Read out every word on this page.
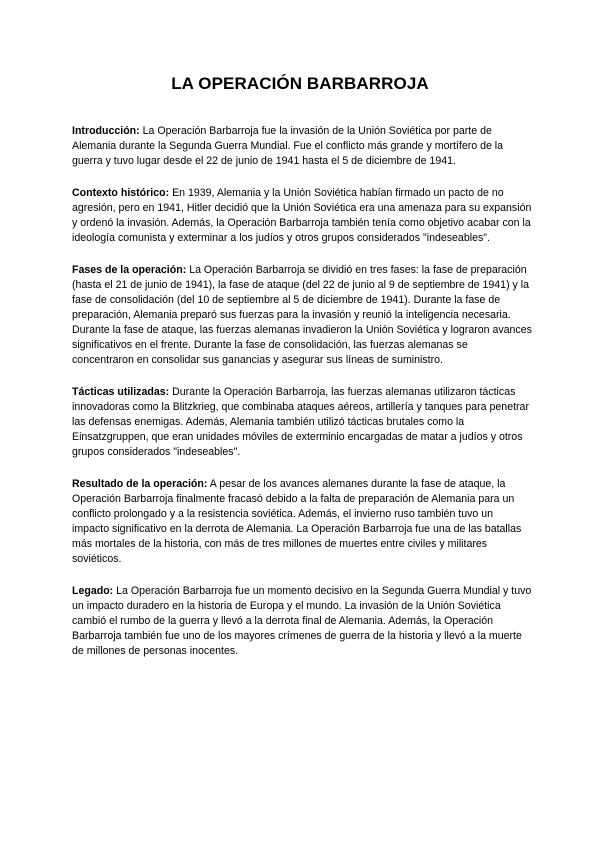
LA OPERACIÓN BARBARROJA

Introducción: La Operación Barbarroja fue la invasión de la Unión Soviética por parte de Alemania durante la Segunda Guerra Mundial. Fue el conflicto más grande y mortífero de la guerra y tuvo lugar desde el 22 de junio de 1941 hasta el 5 de diciembre de 1941.

Contexto histórico: En 1939, Alemania y la Unión Soviética habían firmado un pacto de no agresión, pero en 1941, Hitler decidió que la Unión Soviética era una amenaza para su expansión y ordenó la invasión. Además, la Operación Barbarroja también tenía como objetivo acabar con la ideología comunista y exterminar a los judíos y otros grupos considerados "indeseables".

Fases de la operación: La Operación Barbarroja se dividió en tres fases: la fase de preparación (hasta el 21 de junio de 1941), la fase de ataque (del 22 de junio al 9 de septiembre de 1941) y la fase de consolidación (del 10 de septiembre al 5 de diciembre de 1941). Durante la fase de preparación, Alemania preparó sus fuerzas para la invasión y reunió la inteligencia necesaria. Durante la fase de ataque, las fuerzas alemanas invadieron la Unión Soviética y lograron avances significativos en el frente. Durante la fase de consolidación, las fuerzas alemanas se concentraron en consolidar sus ganancias y asegurar sus líneas de suministro.

Tácticas utilizadas: Durante la Operación Barbarroja, las fuerzas alemanas utilizaron tácticas innovadoras como la Blitzkrieg, que combinaba ataques aéreos, artillería y tanques para penetrar las defensas enemigas. Además, Alemania también utilizó tácticas brutales como la Einsatzgruppen, que eran unidades móviles de exterminio encargadas de matar a judíos y otros grupos considerados "indeseables".

Resultado de la operación: A pesar de los avances alemanes durante la fase de ataque, la Operación Barbarroja finalmente fracasó debido a la falta de preparación de Alemania para un conflicto prolongado y a la resistencia soviética. Además, el invierno ruso también tuvo un impacto significativo en la derrota de Alemania. La Operación Barbarroja fue una de las batallas más mortales de la historia, con más de tres millones de muertes entre civiles y militares soviéticos.

Legado: La Operación Barbarroja fue un momento decisivo en la Segunda Guerra Mundial y tuvo un impacto duradero en la historia de Europa y el mundo. La invasión de la Unión Soviética cambió el rumbo de la guerra y llevó a la derrota final de Alemania. Además, la Operación Barbarroja también fue uno de los mayores crímenes de guerra de la historia y llevó a la muerte de millones de personas inocentes.
